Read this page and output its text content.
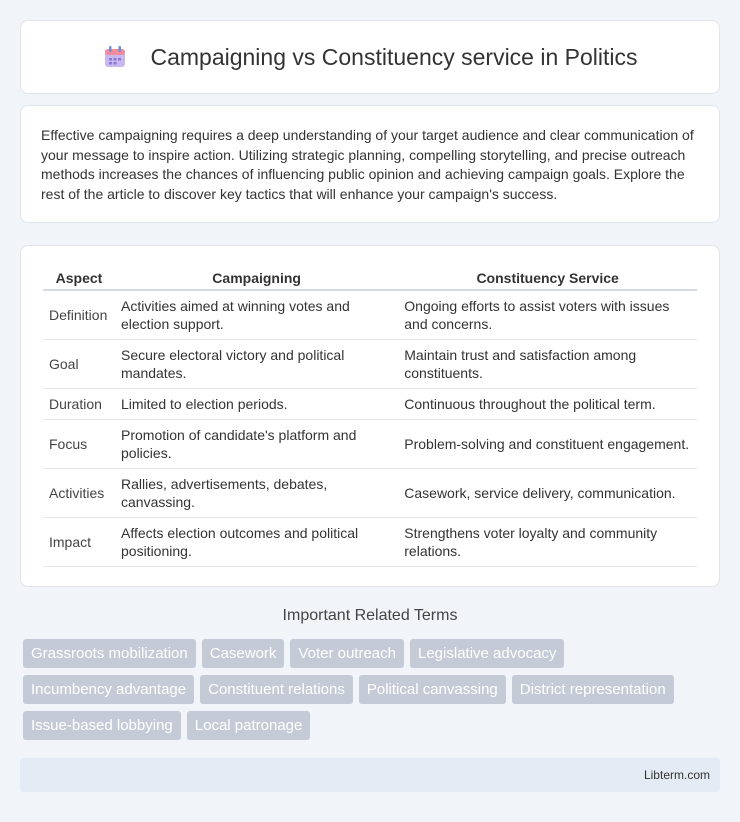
Campaigning vs Constituency service in Politics

Effective campaigning requires a deep understanding of your target audience and clear communication of your message to inspire action. Utilizing strategic planning, compelling storytelling, and precise outreach methods increases the chances of influencing public opinion and achieving campaign goals. Explore the rest of the article to discover key tactics that will enhance your campaign's success.

Aspect	Campaigning	Constituency Service
Definition	Activities aimed at winning votes and election support.	Ongoing efforts to assist voters with issues and concerns.
Goal	Secure electoral victory and political mandates.	Maintain trust and satisfaction among constituents.
Duration	Limited to election periods.	Continuous throughout the political term.
Focus	Promotion of candidate's platform and policies.	Problem-solving and constituent engagement.
Activities	Rallies, advertisements, debates, canvassing.	Casework, service delivery, communication.
Impact	Affects election outcomes and political positioning.	Strengthens voter loyalty and community relations.
Important Related Terms
Grassroots mobilization	Casework	Voter outreach	Legislative advocacy
Incumbency advantage	Constituent relations	Political canvassing	District representation
Issue-based lobbying	Local patronage
Libterm.com
